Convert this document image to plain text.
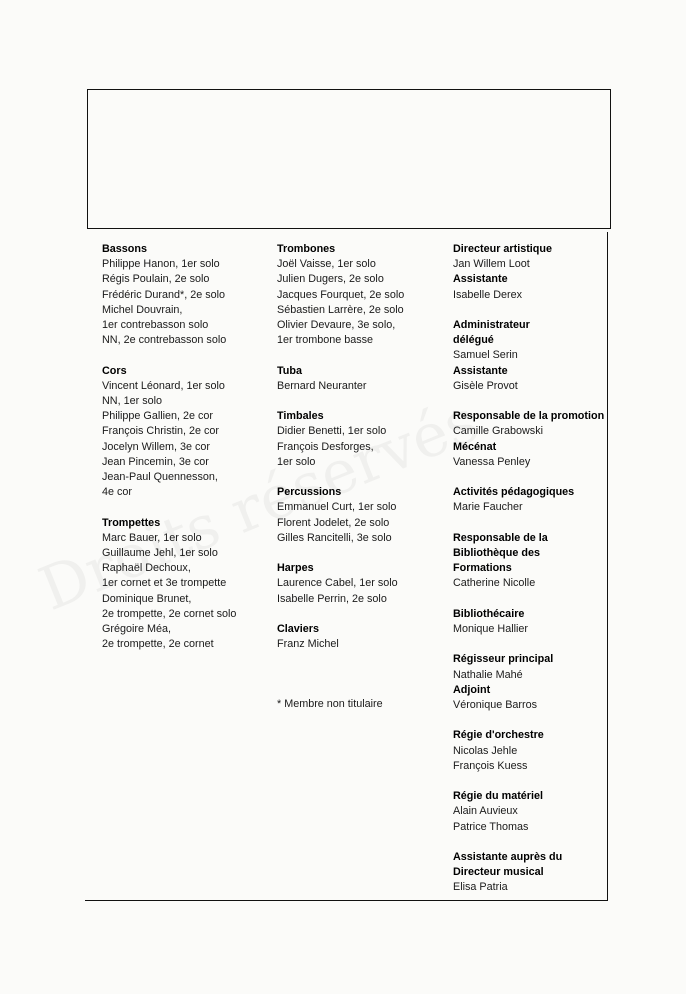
Bassons
Philippe Hanon, 1er solo
Régis Poulain, 2e solo
Frédéric Durand*, 2e solo
Michel Douvrain,
1er contrebasson solo
NN, 2e contrebasson solo
Cors
Vincent Léonard, 1er solo
NN, 1er solo
Philippe Gallien, 2e cor
François Christin, 2e cor
Jocelyn Willem, 3e cor
Jean Pincemin, 3e cor
Jean-Paul Quennesson,
4e cor
Trompettes
Marc Bauer, 1er solo
Guillaume Jehl, 1er solo
Raphaël Dechoux,
1er cornet et 3e trompette
Dominique Brunet,
2e trompette, 2e cornet solo
Grégoire Méa,
2e trompette, 2e cornet
Trombones
Joël Vaisse, 1er solo
Julien Dugers, 2e solo
Jacques Fourquet, 2e solo
Sébastien Larrère, 2e solo
Olivier Devaure, 3e solo,
1er trombone basse
Tuba
Bernard Neuranter
Timbales
Didier Benetti, 1er solo
François Desforges,
1er solo
Percussions
Emmanuel Curt, 1er solo
Florent Jodelet, 2e solo
Gilles Rancitelli, 3e solo
Harpes
Laurence Cabel, 1er solo
Isabelle Perrin, 2e solo
Claviers
Franz Michel
* Membre non titulaire
Directeur artistique
Jan Willem Loot
Assistante
Isabelle Derex
Administrateur
délégué
Samuel Serin
Assistante
Gisèle Provot
Responsable de la promotion
Camille Grabowski
Mécénat
Vanessa Penley
Activités pédagogiques
Marie Faucher
Responsable de la
Bibliothèque des
Formations
Catherine Nicolle
Bibliothécaire
Monique Hallier
Régisseur principal
Nathalie Mahé
Adjoint
Véronique Barros
Régie d'orchestre
Nicolas Jehle
François Kuess
Régie du matériel
Alain Auvieux
Patrice Thomas
Assistante auprès du
Directeur musical
Elisa Patria
